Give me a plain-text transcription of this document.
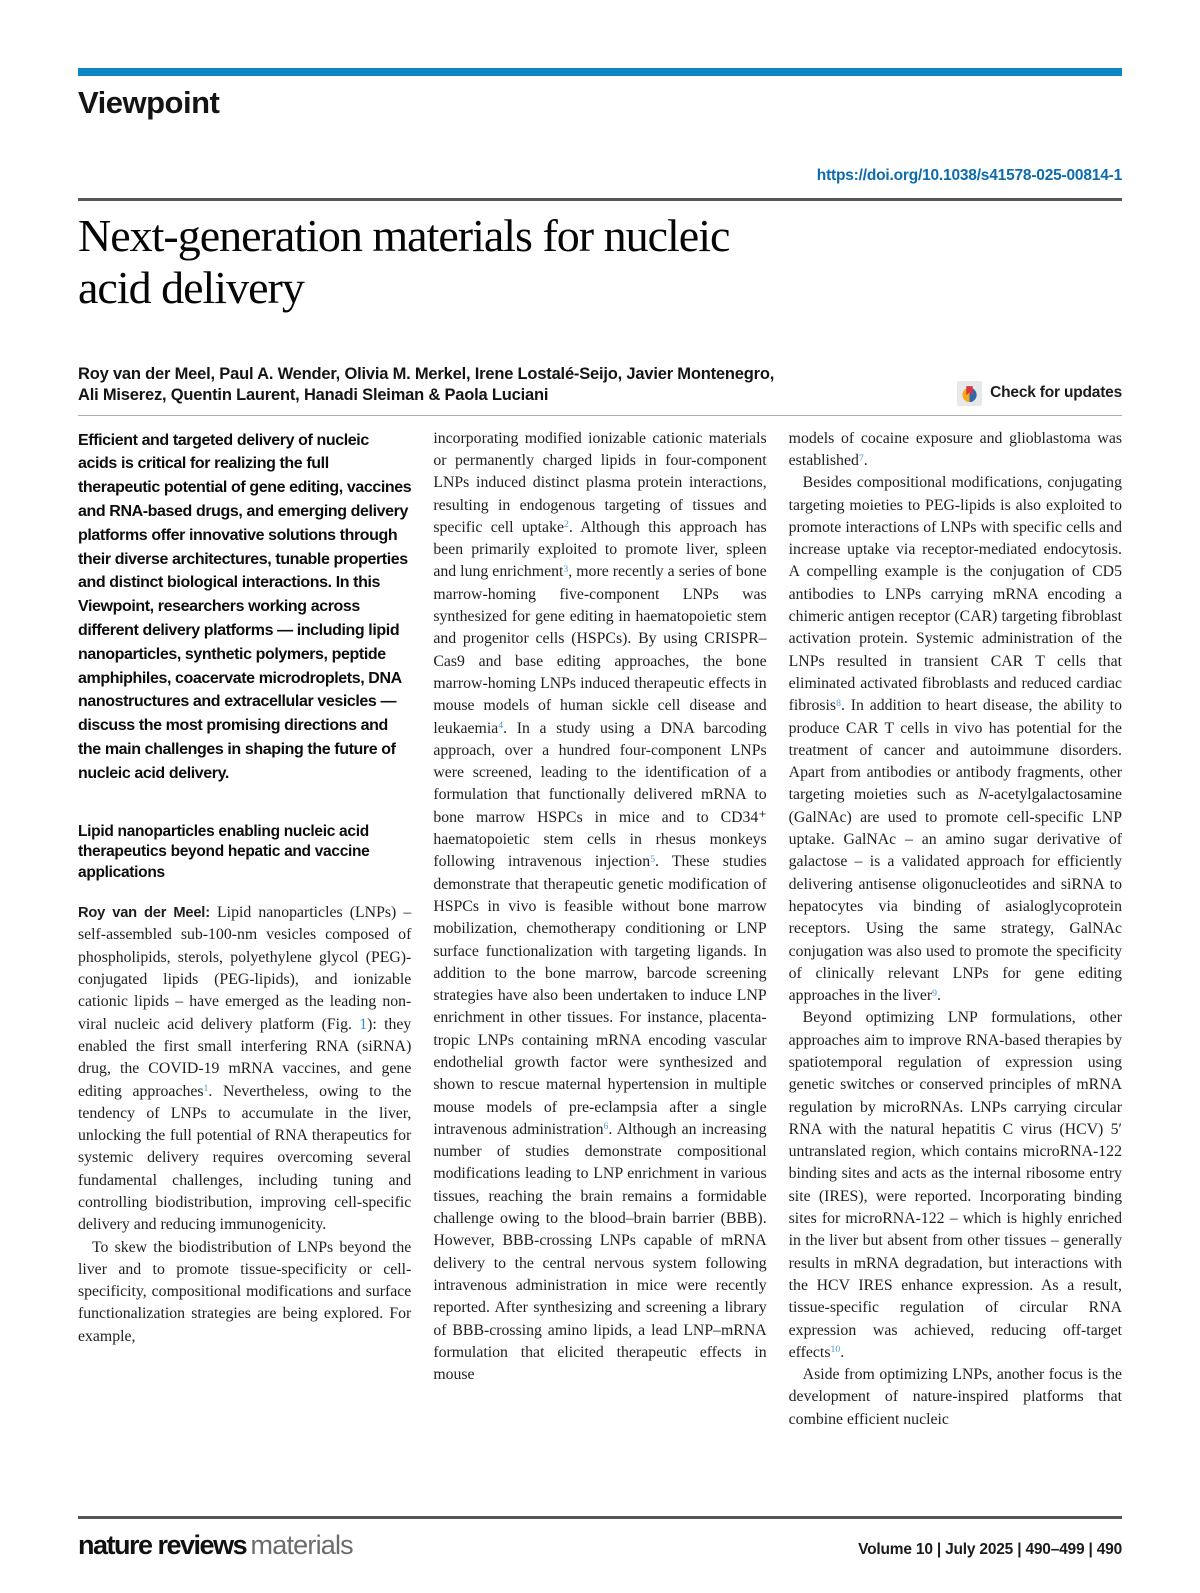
Viewpoint
https://doi.org/10.1038/s41578-025-00814-1
Next-generation materials for nucleic
acid delivery
Roy van der Meel, Paul A. Wender, Olivia M. Merkel, Irene Lostalé-Seijo, Javier Montenegro,
Ali Miserez, Quentin Laurent, Hanadi Sleiman & Paola Luciani	Check for updates

Efficient and targeted delivery of nucleic acids is critical for realizing the full therapeutic potential of gene editing, vaccines and RNA-based drugs, and emerging delivery platforms offer innovative solutions through their diverse architectures, tunable properties and distinct biological interactions. In this Viewpoint, researchers working across different delivery platforms — including lipid nanoparticles, synthetic polymers, peptide amphiphiles, coacervate microdroplets, DNA nanostructures and extracellular vesicles — discuss the most promising directions and the main challenges in shaping the future of nucleic acid delivery.

Lipid nanoparticles enabling nucleic acid therapeutics beyond hepatic and vaccine applications

Roy van der Meel: Lipid nanoparticles (LNPs) – self-assembled sub-100-nm vesicles composed of phospholipids, sterols, polyethylene glycol (PEG)-conjugated lipids (PEG-lipids), and ionizable cationic lipids – have emerged as the leading non-viral nucleic acid delivery platform (Fig. 1): they enabled the first small interfering RNA (siRNA) drug, the COVID-19 mRNA vaccines, and gene editing approaches$^1$. Nevertheless, owing to the tendency of LNPs to accumulate in the liver, unlocking the full potential of RNA therapeutics for systemic delivery requires overcoming several fundamental challenges, including tuning and controlling biodistribution, improving cell-specific delivery and reducing immunogenicity.

To skew the biodistribution of LNPs beyond the liver and to promote tissue-specificity or cell-specificity, compositional modifications and surface functionalization strategies are being explored. For example,

incorporating modified ionizable cationic materials or permanently charged lipids in four-component LNPs induced distinct plasma protein interactions, resulting in endogenous targeting of tissues and specific cell uptake$^2$. Although this approach has been primarily exploited to promote liver, spleen and lung enrichment$^3$, more recently a series of bone marrow-homing five-component LNPs was synthesized for gene editing in haematopoietic stem and progenitor cells (HSPCs). By using CRISPR–Cas9 and base editing approaches, the bone marrow-homing LNPs induced therapeutic effects in mouse models of human sickle cell disease and leukaemia$^4$. In a study using a DNA barcoding approach, over a hundred four-component LNPs were screened, leading to the identification of a formulation that functionally delivered mRNA to bone marrow HSPCs in mice and to CD34⁺ haematopoietic stem cells in rhesus monkeys following intravenous injection$^5$. These studies demonstrate that therapeutic genetic modification of HSPCs in vivo is feasible without bone marrow mobilization, chemotherapy conditioning or LNP surface functionalization with targeting ligands. In addition to the bone marrow, barcode screening strategies have also been undertaken to induce LNP enrichment in other tissues. For instance, placenta-tropic LNPs containing mRNA encoding vascular endothelial growth factor were synthesized and shown to rescue maternal hypertension in multiple mouse models of pre-eclampsia after a single intravenous administration$^6$. Although an increasing number of studies demonstrate compositional modifications leading to LNP enrichment in various tissues, reaching the brain remains a formidable challenge owing to the blood–brain barrier (BBB). However, BBB-crossing LNPs capable of mRNA delivery to the central nervous system following intravenous administration in mice were recently reported. After synthesizing and screening a library of BBB-crossing amino lipids, a lead LNP–mRNA formulation that elicited therapeutic effects in mouse

models of cocaine exposure and glioblastoma was established$^7$.

Besides compositional modifications, conjugating targeting moieties to PEG-lipids is also exploited to promote interactions of LNPs with specific cells and increase uptake via receptor-mediated endocytosis. A compelling example is the conjugation of CD5 antibodies to LNPs carrying mRNA encoding a chimeric antigen receptor (CAR) targeting fibroblast activation protein. Systemic administration of the LNPs resulted in transient CAR T cells that eliminated activated fibroblasts and reduced cardiac fibrosis$^8$. In addition to heart disease, the ability to produce CAR T cells in vivo has potential for the treatment of cancer and autoimmune disorders. Apart from antibodies or antibody fragments, other targeting moieties such as N-acetylgalactosamine (GalNAc) are used to promote cell-specific LNP uptake. GalNAc – an amino sugar derivative of galactose – is a validated approach for efficiently delivering antisense oligonucleotides and siRNA to hepatocytes via binding of asialoglycoprotein receptors. Using the same strategy, GalNAc conjugation was also used to promote the specificity of clinically relevant LNPs for gene editing approaches in the liver$^9$.

Beyond optimizing LNP formulations, other approaches aim to improve RNA-based therapies by spatiotemporal regulation of expression using genetic switches or conserved principles of mRNA regulation by microRNAs. LNPs carrying circular RNA with the natural hepatitis C virus (HCV) 5′ untranslated region, which contains microRNA-122 binding sites and acts as the internal ribosome entry site (IRES), were reported. Incorporating binding sites for microRNA-122 – which is highly enriched in the liver but absent from other tissues – generally results in mRNA degradation, but interactions with the HCV IRES enhance expression. As a result, tissue-specific regulation of circular RNA expression was achieved, reducing off-target effects$^{10}$.

Aside from optimizing LNPs, another focus is the development of nature-inspired platforms that combine efficient nucleic

nature reviews materials	Volume 10 | July 2025 | 490–499 | 490
